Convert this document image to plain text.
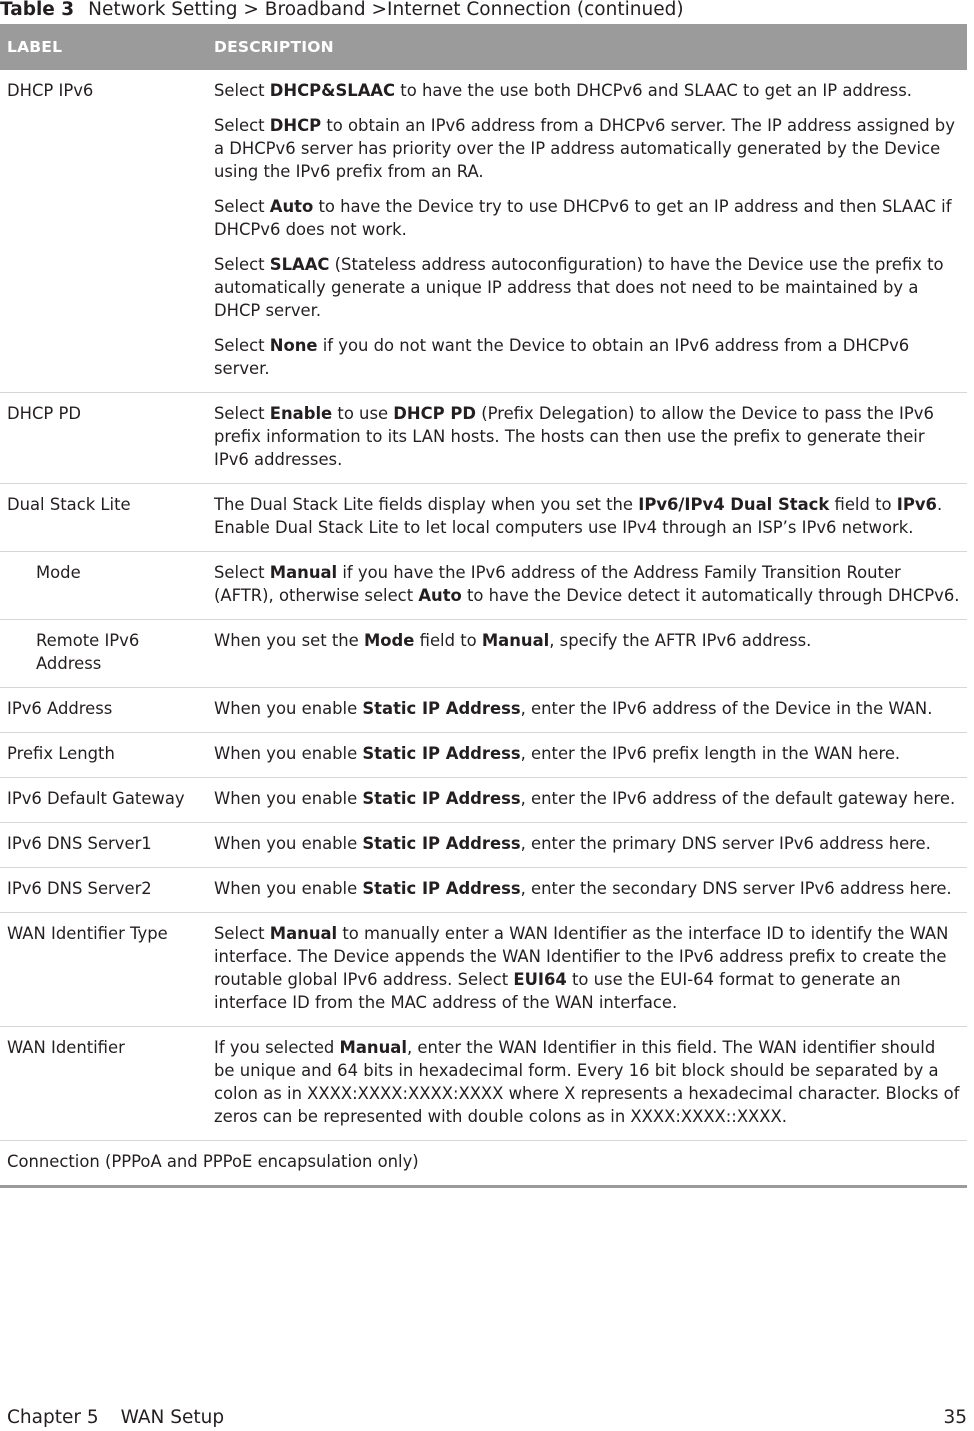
Table 3 Network Setting > Broadband >Internet Connection (continued)
LABEL	DESCRIPTION
DHCP IPv6	Select DHCP&SLAAC to have the use both DHCPv6 and SLAAC to get an IP address.

Select DHCP to obtain an IPv6 address from a DHCPv6 server. The IP address assigned by a DHCPv6 server has priority over the IP address automatically generated by the Device using the IPv6 prefix from an RA.

Select Auto to have the Device try to use DHCPv6 to get an IP address and then SLAAC if DHCPv6 does not work.

Select SLAAC (Stateless address autoconfiguration) to have the Device use the prefix to automatically generate a unique IP address that does not need to be maintained by a DHCP server.

Select None if you do not want the Device to obtain an IPv6 address from a DHCPv6 server.

DHCP PD	Select Enable to use DHCP PD (Prefix Delegation) to allow the Device to pass the IPv6 prefix information to its LAN hosts. The hosts can then use the prefix to generate their IPv6 addresses.

Dual Stack Lite	The Dual Stack Lite fields display when you set the IPv6/IPv4 Dual Stack field to IPv6. Enable Dual Stack Lite to let local computers use IPv4 through an ISP’s IPv6 network.

Mode	Select Manual if you have the IPv6 address of the Address Family Transition Router (AFTR), otherwise select Auto to have the Device detect it automatically through DHCPv6.

Remote IPv6 Address	When you set the Mode field to Manual, specify the AFTR IPv6 address.

IPv6 Address	When you enable Static IP Address, enter the IPv6 address of the Device in the WAN.

Prefix Length	When you enable Static IP Address, enter the IPv6 prefix length in the WAN here.

IPv6 Default Gateway	When you enable Static IP Address, enter the IPv6 address of the default gateway here.

IPv6 DNS Server1	When you enable Static IP Address, enter the primary DNS server IPv6 address here.

IPv6 DNS Server2	When you enable Static IP Address, enter the secondary DNS server IPv6 address here.

WAN Identifier Type	Select Manual to manually enter a WAN Identifier as the interface ID to identify the WAN interface. The Device appends the WAN Identifier to the IPv6 address prefix to create the routable global IPv6 address. Select EUI64 to use the EUI-64 format to generate an interface ID from the MAC address of the WAN interface.

WAN Identifier	If you selected Manual, enter the WAN Identifier in this field. The WAN identifier should be unique and 64 bits in hexadecimal form. Every 16 bit block should be separated by a colon as in XXXX:XXXX:XXXX:XXXX where X represents a hexadecimal character. Blocks of zeros can be represented with double colons as in XXXX:XXXX::XXXX.

Connection (PPPoA and PPPoE encapsulation only)	
Chapter 5 WAN Setup	35
